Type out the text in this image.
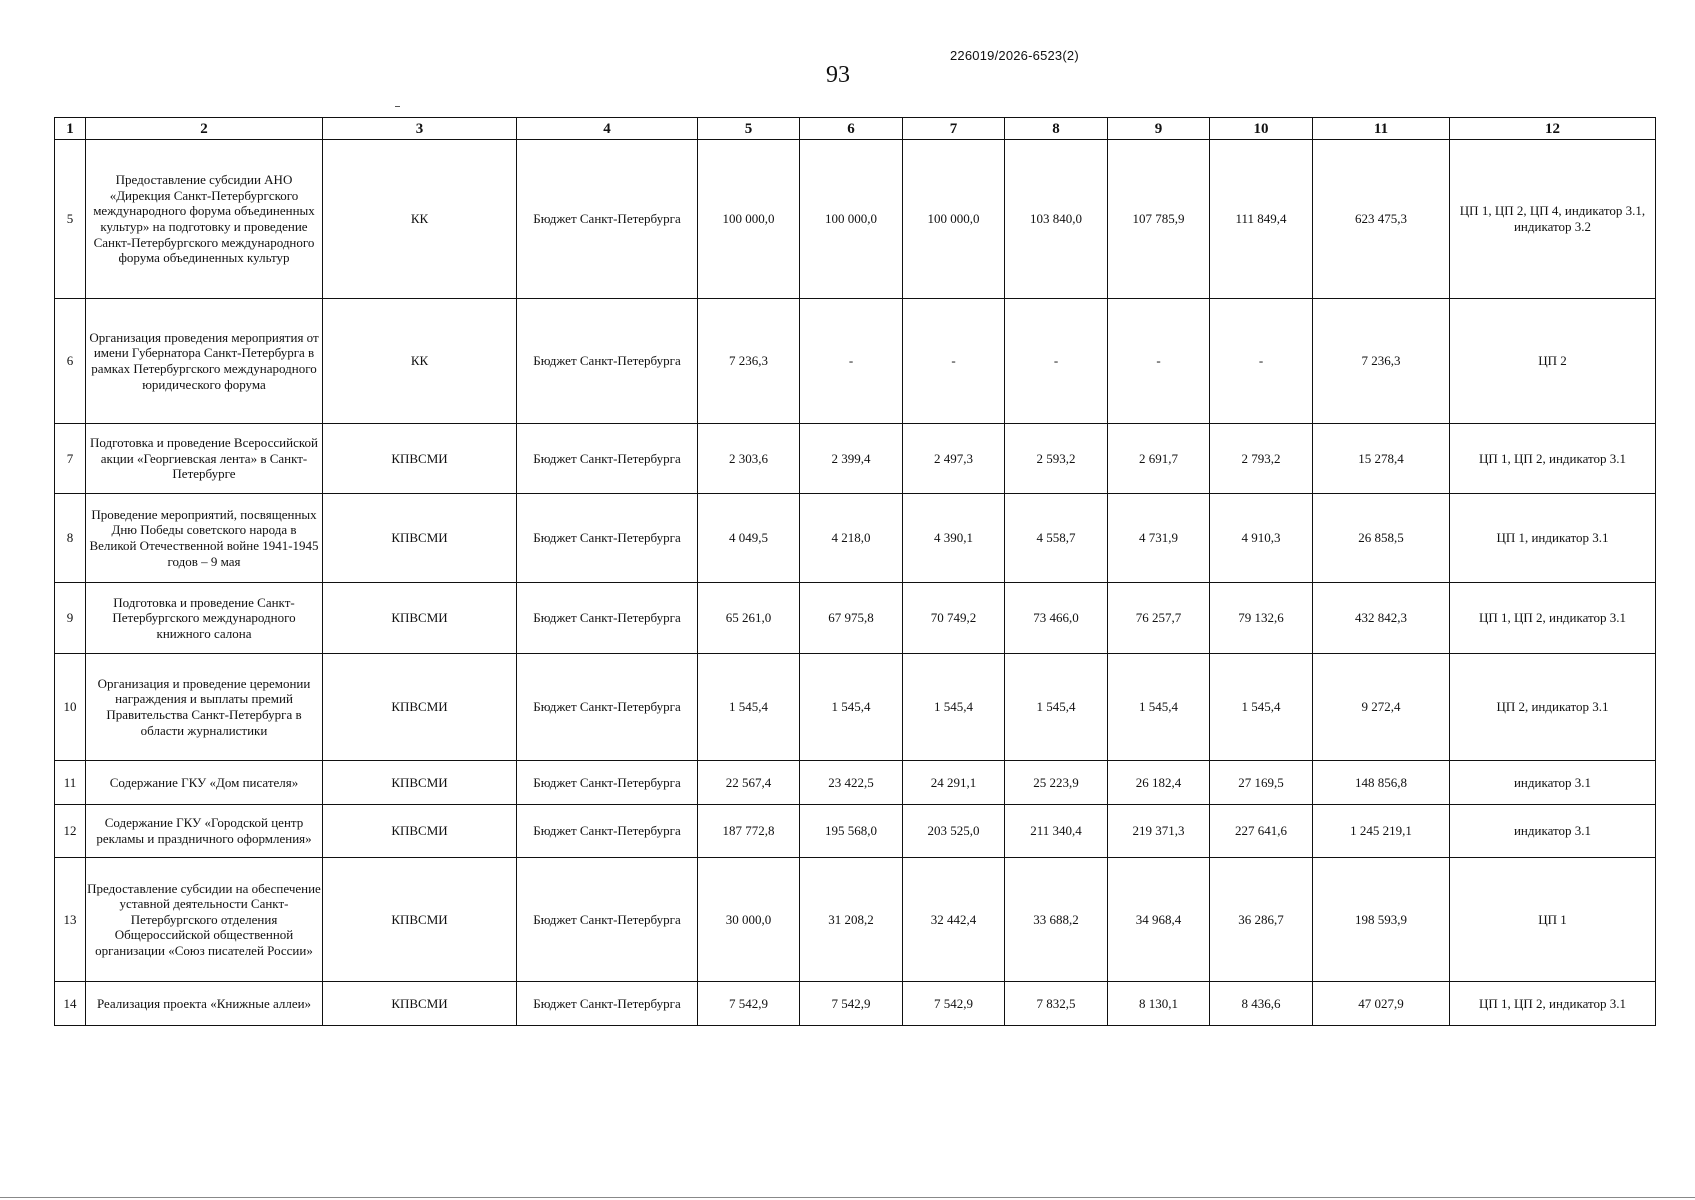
226019/2026-6523(2)
93
1	2	3	4	5	6	7	8	9	10	11	12
5	Предоставление субсидии АНО «Дирекция Санкт-Петербургского международного форума объединенных культур» на подготовку и проведение Санкт-Петербургского международного форума объединенных культур	КК	Бюджет Санкт-Петербурга	100 000,0	100 000,0	100 000,0	103 840,0	107 785,9	111 849,4	623 475,3	ЦП 1, ЦП 2, ЦП 4, индикатор 3.1, индикатор 3.2
6	Организация проведения мероприятия от имени Губернатора Санкт-Петербурга в рамках Петербургского международного юридического форума	КК	Бюджет Санкт-Петербурга	7 236,3	-	-	-	-	-	7 236,3	ЦП 2
7	Подготовка и проведение Всероссийской акции «Георгиевская лента» в Санкт-Петербурге	КПВСМИ	Бюджет Санкт-Петербурга	2 303,6	2 399,4	2 497,3	2 593,2	2 691,7	2 793,2	15 278,4	ЦП 1, ЦП 2, индикатор 3.1
8	Проведение мероприятий, посвященных Дню Победы советского народа в Великой Отечественной войне 1941-1945 годов – 9 мая	КПВСМИ	Бюджет Санкт-Петербурга	4 049,5	4 218,0	4 390,1	4 558,7	4 731,9	4 910,3	26 858,5	ЦП 1, индикатор 3.1
9	Подготовка и проведение Санкт-Петербургского международного книжного салона	КПВСМИ	Бюджет Санкт-Петербурга	65 261,0	67 975,8	70 749,2	73 466,0	76 257,7	79 132,6	432 842,3	ЦП 1, ЦП 2, индикатор 3.1
10	Организация и проведение церемонии награждения и выплаты премий Правительства Санкт-Петербурга в области журналистики	КПВСМИ	Бюджет Санкт-Петербурга	1 545,4	1 545,4	1 545,4	1 545,4	1 545,4	1 545,4	9 272,4	ЦП 2, индикатор 3.1
11	Содержание ГКУ «Дом писателя»	КПВСМИ	Бюджет Санкт-Петербурга	22 567,4	23 422,5	24 291,1	25 223,9	26 182,4	27 169,5	148 856,8	индикатор 3.1
12	Содержание ГКУ «Городской центр рекламы и праздничного оформления»	КПВСМИ	Бюджет Санкт-Петербурга	187 772,8	195 568,0	203 525,0	211 340,4	219 371,3	227 641,6	1 245 219,1	индикатор 3.1
13	Предоставление субсидии на обеспечение уставной деятельности Санкт-Петербургского отделения Общероссийской общественной организации «Союз писателей России»	КПВСМИ	Бюджет Санкт-Петербурга	30 000,0	31 208,2	32 442,4	33 688,2	34 968,4	36 286,7	198 593,9	ЦП 1
14	Реализация проекта «Книжные аллеи»	КПВСМИ	Бюджет Санкт-Петербурга	7 542,9	7 542,9	7 542,9	7 832,5	8 130,1	8 436,6	47 027,9	ЦП 1, ЦП 2, индикатор 3.1
